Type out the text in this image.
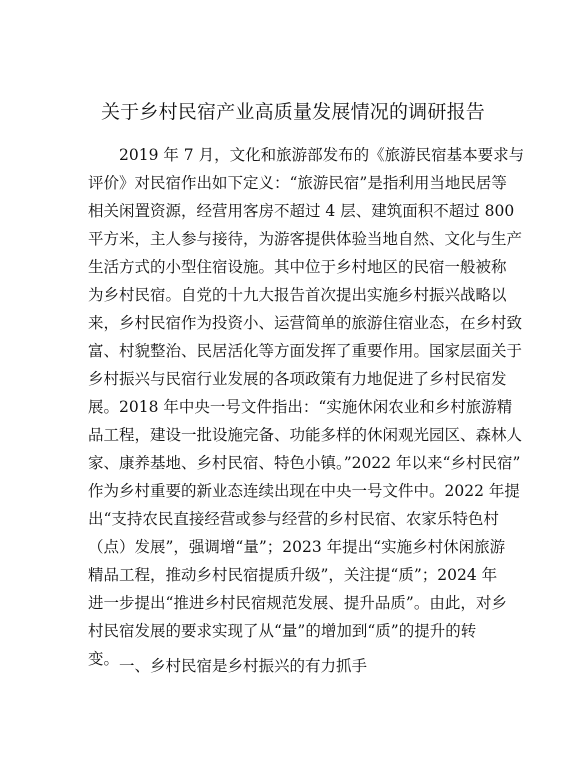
关于乡村民宿产业高质量发展情况的调研报告
2019 年 7 月，文化和旅游部发布的《旅游民宿基本要求与
评价》对民宿作出如下定义：“旅游民宿”是指利用当地民居等
相关闲置资源，经营用客房不超过 4 层、建筑面积不超过 800
平方米，主人参与接待，为游客提供体验当地自然、文化与生产
生活方式的小型住宿设施。其中位于乡村地区的民宿一般被称
为乡村民宿。自党的十九大报告首次提出实施乡村振兴战略以
来，乡村民宿作为投资小、运营简单的旅游住宿业态，在乡村致
富、村貌整治、民居活化等方面发挥了重要作用。国家层面关于
乡村振兴与民宿行业发展的各项政策有力地促进了乡村民宿发
展。2018 年中央一号文件指出：“实施休闲农业和乡村旅游精
品工程，建设一批设施完备、功能多样的休闲观光园区、森林人
家、康养基地、乡村民宿、特色小镇。”2022 年以来“乡村民宿”
作为乡村重要的新业态连续出现在中央一号文件中。2022 年提
出“支持农民直接经营或参与经营的乡村民宿、农家乐特色村
（点）发展”，强调增“量”；2023 年提出“实施乡村休闲旅游
精品工程，推动乡村民宿提质升级”，关注提“质”；2024 年
进一步提出“推进乡村民宿规范发展、提升品质”。由此，对乡
村民宿发展的要求实现了从“量”的增加到“质”的提升的转
变。 一、乡村民宿是乡村振兴的有力抓手
